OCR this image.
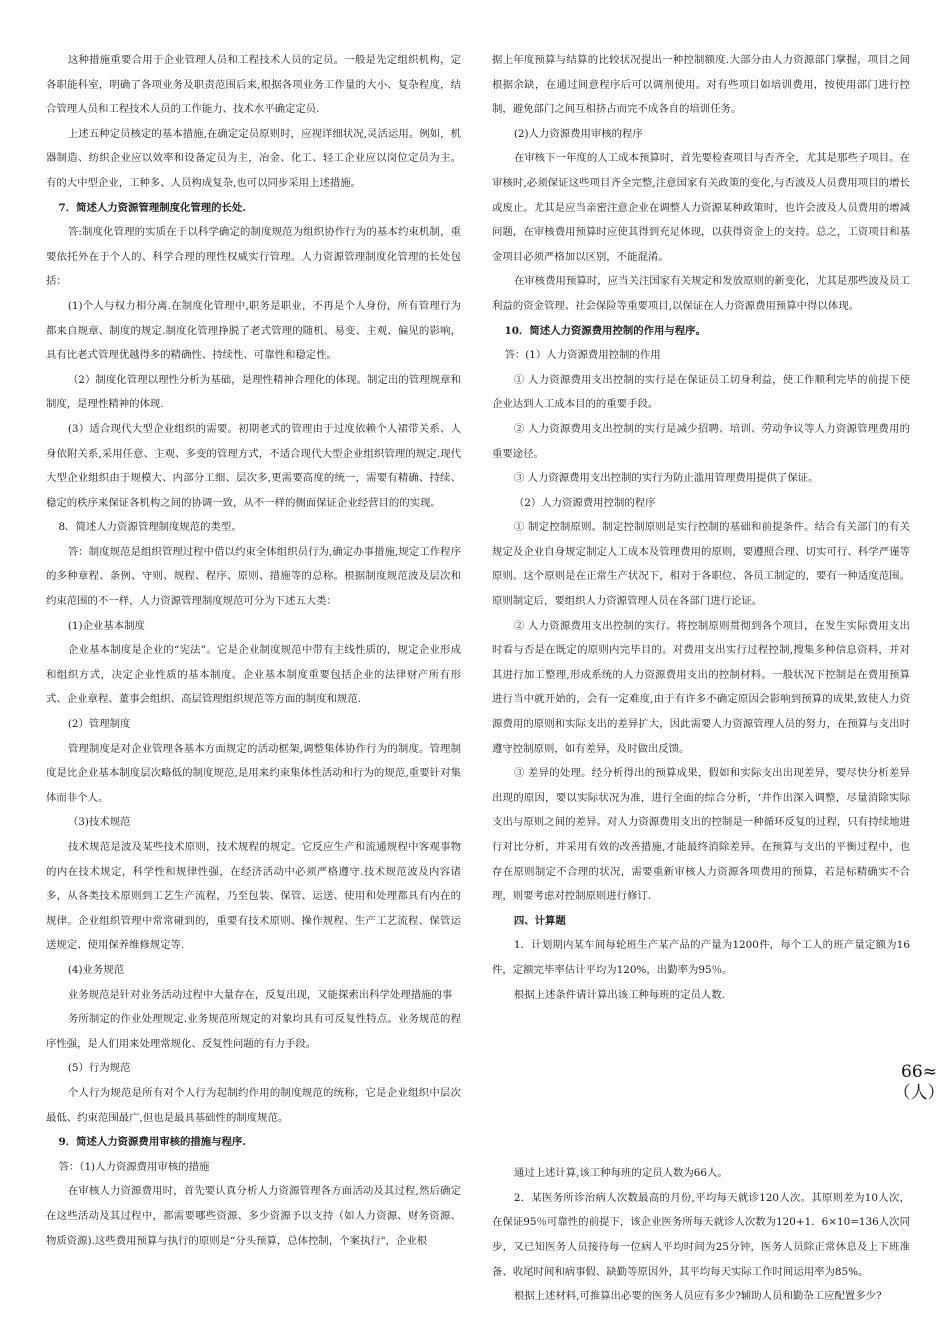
这种措施重要合用于企业管理人员和工程技术人员的定员。一般是先定组织机构，定各职能科室，明确了各项业务及职责范围后来,根据各项业务工作量的大小、复杂程度，结合管理人员和工程技术人员的工作能力、技术水平确定定员.

上述五种定员核定的基本措施,在确定定员原则时，应视详细状况,灵活运用。例如，机器制造、纺织企业应以效率和设备定员为主，冶金、化工、轻工企业应以岗位定员为主。有的大中型企业，工种多、人员构成复杂,也可以同步采用上述措施。

7．简述人力资源管理制度化管理的长处.

答:制度化管理的实质在于以科学确定的制度规范为组织协作行为的基本约束机制，重要依托外在于个人的、科学合理的理性权威实行管理。人力资源管理制度化管理的长处包括：

(1)个人与权力相分离.在制度化管理中,职务是职业，不再是个人身份，所有管理行为都来自规章、制度的规定.制度化管理挣脱了老式管理的随机、易变、主观、偏见的影响，具有比老式管理优越得多的精确性、持续性、可靠性和稳定性。

（2）制度化管理以理性分析为基础，是理性精神合理化的体现。制定出的管理规章和制度，是理性精神的体现.

(3）适合现代大型企业组织的需要。初期老式的管理由于过度依赖个人裙带关系、人身依附关系,采用任意、主观、多变的管理方式，不适合现代大型企业组织管理的规定.现代大型企业组织由于规模大、内部分工细、层次多,更需要高度的统一，需要有精确、持续、稳定的秩序来保证各机构之间的协调一致，从不一样的侧面保证企业经营目的的实现。

8．简述人力资源管理制度规范的类型。

答：制度规范是组织管理过程中借以约束全体组织员行为,确定办事措施,规定工作程序的多种章程、条例、守则、规程、程序、原则、措施等的总称。根据制度规范波及层次和约束范围的不一样，人力资源管理制度规范可分为下述五大类：

(1)企业基本制度

企业基本制度是企业的“宪法”。它是企业制度规范中带有主线性质的，规定企业形成和组织方式，决定企业性质的基本制度。企业基本制度重要包括企业的法律财产所有形式、企业章程、董事会组织、高层管理组织规范等方面的制度和规范.

(2）管理制度

管理制度是对企业管理各基本方面规定的活动框架,调整集体协作行为的制度。管理制度是比企业基本制度层次略低的制度规范,是用来约束集体性活动和行为的规范,重要针对集体而非个人。

（3)技术规范

技术规范是波及某些技术原则，技术规程的规定。它反应生产和流通规程中客观事物的内在技术规定，科学性和规律性强，在经济活动中必须严格遵守.技术规范波及内容诸多，从各类技术原则到工艺生产流程，乃至包装、保管、运送、使用和处理都具有内在的规律。企业组织管理中常常碰到的，重要有技术原则、操作规程、生产工艺流程、保管运送规定、使用保养维修规定等.

(4)业务规范

业务规范是针对业务活动过程中大量存在，反复出现，又能探索出科学处理措施的事

务所制定的作业处理规定.业务规范所规定的对象均具有可反复性特点。业务规范的程序性强，是人们用来处理常规化、反复性问题的有力手段。

(5）行为规范

个人行为规范是所有对个人行为起制约作用的制度规范的统称，它是企业组织中层次最低、约束范围最广,但也是最具基础性的制度规范。

9．简述人力资源费用审核的措施与程序.

答：（1)人力资源费用审核的措施

在审核人力资源费用时，首先要认真分析人力资源管理各方面活动及其过程,然后确定在这些活动及其过程中，都需要哪些资源、多少资源予以支持（如人力资源、财务资源、物质资源).这些费用预算与执行的原则是“分头预算，总体控制，个案执行"，企业根

据上年度预算与结算的比较状况提出一种控制额度.大部分由人力资源部门掌握，项目之间根据余缺，在通过间意程序后可以调剂使用。对有些项目如培训费用，按使用部门进行控制，避免部门之间互相挤占而完不成各自的培训任务。

(2)人力资源费用审核的程序

在审核下一年度的人工成本预算时，首先要检查项目与否齐全，尤其是那些子项目。在审核时,必须保证这些项目齐全完整,注意国家有关政策的变化,与否波及人员费用项目的增长或废止。尤其是应当亲密注意企业在调整人力资源某种政策时，也许会波及人员费用的增减问题，在审核费用预算时应使其得到充足体现，以获得资金上的支持。总之，工资项目和基金项目必须严格加以区别，不能混淆。

在审核费用预算时，应当关注国家有关规定和发放原则的新变化，尤其是那些波及员工利益的资金管理、社会保险等重要项目,以保证在人力资源费用预算中得以体现。

10．简述人力资源费用控制的作用与程序。

答：(1）人力资源费用控制的作用

① 人力资源费用支出控制的实行是在保证员工切身利益，使工作顺利完毕的前提下使企业达到人工成本目的的重要手段。

② 人力资源费用支出控制的实行是减少招聘、培训、劳动争议等人力资源管理费用的重要途径。

③ 人力资源费用支出控制的实行为防止滥用管理费用提供了保证。

（2）人力资源费用控制的程序

① 制定控制原则。制定控制原则是实行控制的基础和前提条件。结合有关部门的有关规定及企业自身规定制定人工成本及管理费用的原则，要遵照合理、切实可行、科学严谨等原则。这个原则是在正常生产状况下，相对于各职位、各员工制定的，要有一种适度范围。原则制定后，要组织人力资源管理人员在各部门进行论证。

② 人力资源费用支出控制的实行。将控制原则贯彻到各个项目，在发生实际费用支出时看与否是在既定的原则内完毕目的。对费用支出实行过程控制,搜集多种信息资料，并对其进行加工整理,形成系统的人力资源费用支出的控制材料。一般状况下控制是在费用预算进行当中就开始的，会有一定难度,由于有许多不确定原因会影响到预算的成果,致使人力资源费用的原则和实际支出的差异扩大，因此需要人力资源管理人员的努力，在预算与支出时遵守控制原则，如有差异，及时做出反馈。

③ 差异的处理。经分析得出的预算成果，假如和实际支出出现差异，要尽快分析差异出现的原因，要以实际状况为准，进行全面的综合分析，‘并作出深入调整，尽量消除实际支出与原则之间的差异。对人力资源费用支出的控制是一种循环反复的过程，只有持续地进行对比分析，并采用有效的改善措施,才能最终消除差异。在预算与支出的平衡过程中，也存在原则制定不合理的状况，需要重新审核人力资源各项费用的预算，若是标精确实不合理，则要考虑对控制原则进行修订.

四、计算题

1．计划期内某车间每轮班生产某产品的产量为1200件，每个工人的班产量定额为16件，定额完毕率估计平均为120%，出勤率为95％。

根据上述条件请计算出该工种每班的定员人数.

通过上述计算,该工种每班的定员人数为66人。

2．某医务所诊治病人次数最高的月份,平均每天就诊120人次。其原则差为10人次，在保证95％可靠性的前提下，该企业医务所每天就诊人次数为120+1．6×10=136人次同步，又已知医务人员接待每一位病人平均时间为25分钟，医务人员除正常休息及上下班准备、收尾时间和病事假、缺勤等原因外，其平均每天实际工作时间运用率为85%。

根据上述材料,可推算出必要的医务人员应有多少?辅助人员和勤杂工应配置多少?

66≈
（人）
